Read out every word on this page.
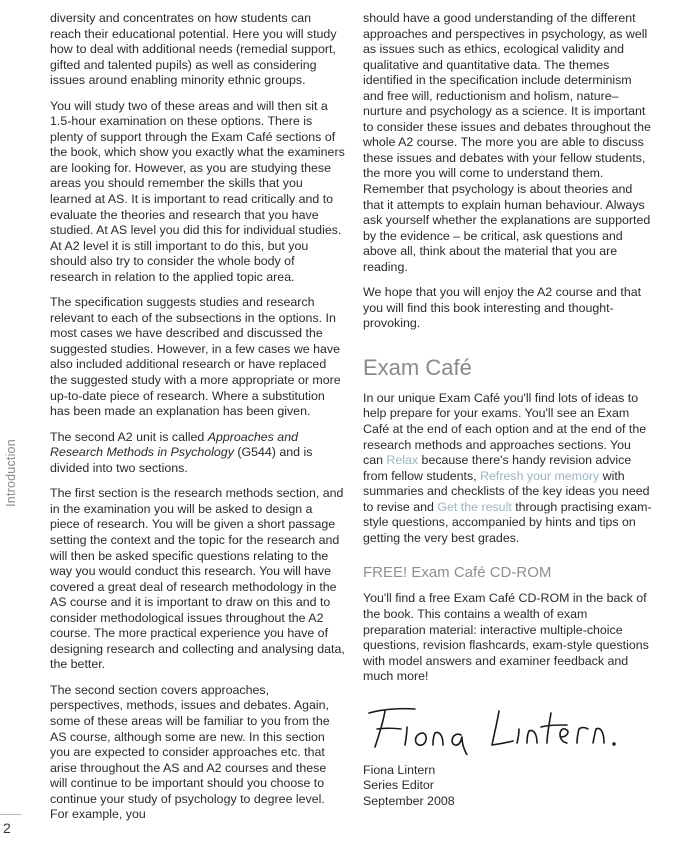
diversity and concentrates on how students can reach their educational potential. Here you will study how to deal with additional needs (remedial support, gifted and talented pupils) as well as considering issues around enabling minority ethnic groups.

You will study two of these areas and will then sit a 1.5-hour examination on these options. There is plenty of support through the Exam Café sections of the book, which show you exactly what the examiners are looking for. However, as you are studying these areas you should remember the skills that you learned at AS. It is important to read critically and to evaluate the theories and research that you have studied. At AS level you did this for individual studies. At A2 level it is still important to do this, but you should also try to consider the whole body of research in relation to the applied topic area.

The specification suggests studies and research relevant to each of the subsections in the options. In most cases we have described and discussed the suggested studies. However, in a few cases we have also included additional research or have replaced the suggested study with a more appropriate or more up-to-date piece of research. Where a substitution has been made an explanation has been given.

The second A2 unit is called Approaches and Research Methods in Psychology (G544) and is divided into two sections.

The first section is the research methods section, and in the examination you will be asked to design a piece of research. You will be given a short passage setting the context and the topic for the research and will then be asked specific questions relating to the way you would conduct this research. You will have covered a great deal of research methodology in the AS course and it is important to draw on this and to consider methodological issues throughout the A2 course. The more practical experience you have of designing research and collecting and analysing data, the better.

The second section covers approaches, perspectives, methods, issues and debates. Again, some of these areas will be familiar to you from the AS course, although some are new. In this section you are expected to consider approaches etc. that arise throughout the AS and A2 courses and these will continue to be important should you choose to continue your study of psychology to degree level. For example, you

should have a good understanding of the different approaches and perspectives in psychology, as well as issues such as ethics, ecological validity and qualitative and quantitative data. The themes identified in the specification include determinism and free will, reductionism and holism, nature–nurture and psychology as a science. It is important to consider these issues and debates throughout the whole A2 course. The more you are able to discuss these issues and debates with your fellow students, the more you will come to understand them. Remember that psychology is about theories and that it attempts to explain human behaviour. Always ask yourself whether the explanations are supported by the evidence – be critical, ask questions and above all, think about the material that you are reading.

We hope that you will enjoy the A2 course and that you will find this book interesting and thought-provoking.

Exam Café

In our unique Exam Café you'll find lots of ideas to help prepare for your exams. You'll see an Exam Café at the end of each option and at the end of the research methods and approaches sections. You can Relax because there's handy revision advice from fellow students, Refresh your memory with summaries and checklists of the key ideas you need to revise and Get the result through practising exam-style questions, accompanied by hints and tips on getting the very best grades.

FREE! Exam Café CD-ROM

You'll find a free Exam Café CD-ROM in the back of the book. This contains a wealth of exam preparation material: interactive multiple-choice questions, revision flashcards, exam-style questions with model answers and examiner feedback and much more!

Fiona Lintern
Series Editor
September 2008
Introduction
2
